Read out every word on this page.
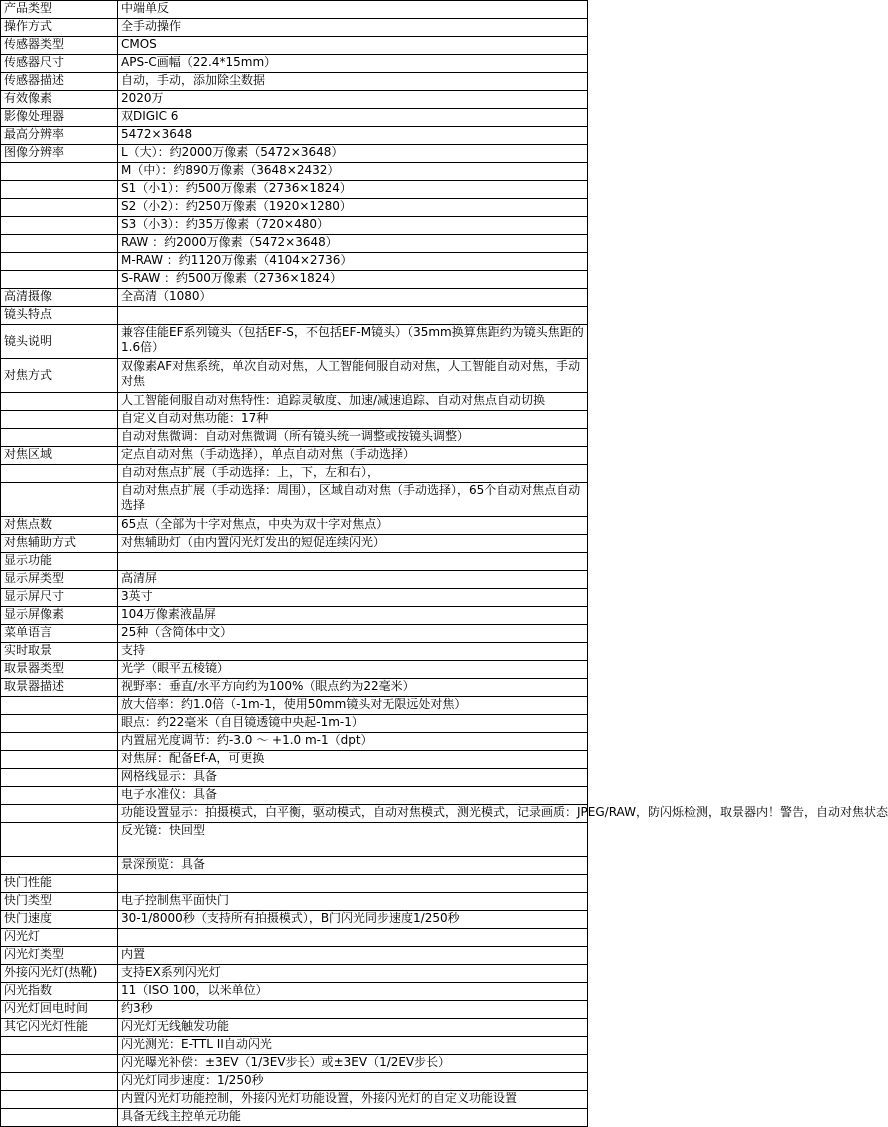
产品类型	中端单反
操作方式	全手动操作
传感器类型	CMOS
传感器尺寸	APS-C画幅（22.4*15mm）
传感器描述	自动，手动，添加除尘数据
有效像素	2020万
影像处理器	双DIGIC 6
最高分辨率	5472×3648
图像分辨率	L（大）：约2000万像素（5472×3648）
	M（中）：约890万像素（3648×2432）
	S1（小1）：约500万像素（2736×1824）
	S2（小2）：约250万像素（1920×1280）
	S3（小3）：约35万像素（720×480）
	RAW ：约2000万像素（5472×3648）
	M-RAW ：约1120万像素（4104×2736）
	S-RAW ：约500万像素（2736×1824）
高清摄像	全高清（1080）
镜头特点	
镜头说明	兼容佳能EF系列镜头（包括EF-S，不包括EF-M镜头）（35mm换算焦距约为镜头焦距的1.6倍）
对焦方式	双像素AF对焦系统，单次自动对焦，人工智能伺服自动对焦，人工智能自动对焦，手动对焦
	人工智能伺服自动对焦特性：追踪灵敏度、加速/减速追踪、自动对焦点自动切换
	自定义自动对焦功能：17种
	自动对焦微调：自动对焦微调（所有镜头统一调整或按镜头调整）
对焦区域	定点自动对焦（手动选择），单点自动对焦（手动选择）
	自动对焦点扩展（手动选择：上，下，左和右），
	自动对焦点扩展（手动选择：周围），区域自动对焦（手动选择），65个自动对焦点自动选择
对焦点数	65点（全部为十字对焦点，中央为双十字对焦点）
对焦辅助方式	对焦辅助灯（由内置闪光灯发出的短促连续闪光）
显示功能	
显示屏类型	高清屏
显示屏尺寸	3英寸
显示屏像素	104万像素液晶屏
菜单语言	25种（含简体中文）
实时取景	支持
取景器类型	光学（眼平五棱镜）
取景器描述	视野率：垂直/水平方向约为100%（眼点约为22毫米）
	放大倍率：约1.0倍（-1m-1，使用50mm镜头对无限远处对焦）
	眼点：约22毫米（自目镜透镜中央起-1m-1）
	内置屈光度调节：约-3.0 ～ +1.0 m-1（dpt）
	对焦屏：配备Ef-A，可更换
	网格线显示：具备
	电子水准仪：具备
	功能设置显示：拍摄模式，白平衡，驱动模式，自动对焦模式，测光模式，记录画质：JPEG/RAW，防闪烁检测，取景器内！警告，自动对焦状态
	反光镜：快回型
	景深预览：具备
快门性能	
快门类型	电子控制焦平面快门
快门速度	30-1/8000秒（支持所有拍摄模式），B门闪光同步速度1/250秒
闪光灯	
闪光灯类型	内置
外接闪光灯(热靴)	支持EX系列闪光灯
闪光指数	11（ISO 100，以米单位）
闪光灯回电时间	约3秒
其它闪光灯性能	闪光灯无线触发功能
	闪光测光：E-TTL II自动闪光
	闪光曝光补偿：±3EV（1/3EV步长）或±3EV（1/2EV步长）
	闪光灯同步速度：1/250秒
	内置闪光灯功能控制，外接闪光灯功能设置，外接闪光灯的自定义功能设置
	具备无线主控单元功能
